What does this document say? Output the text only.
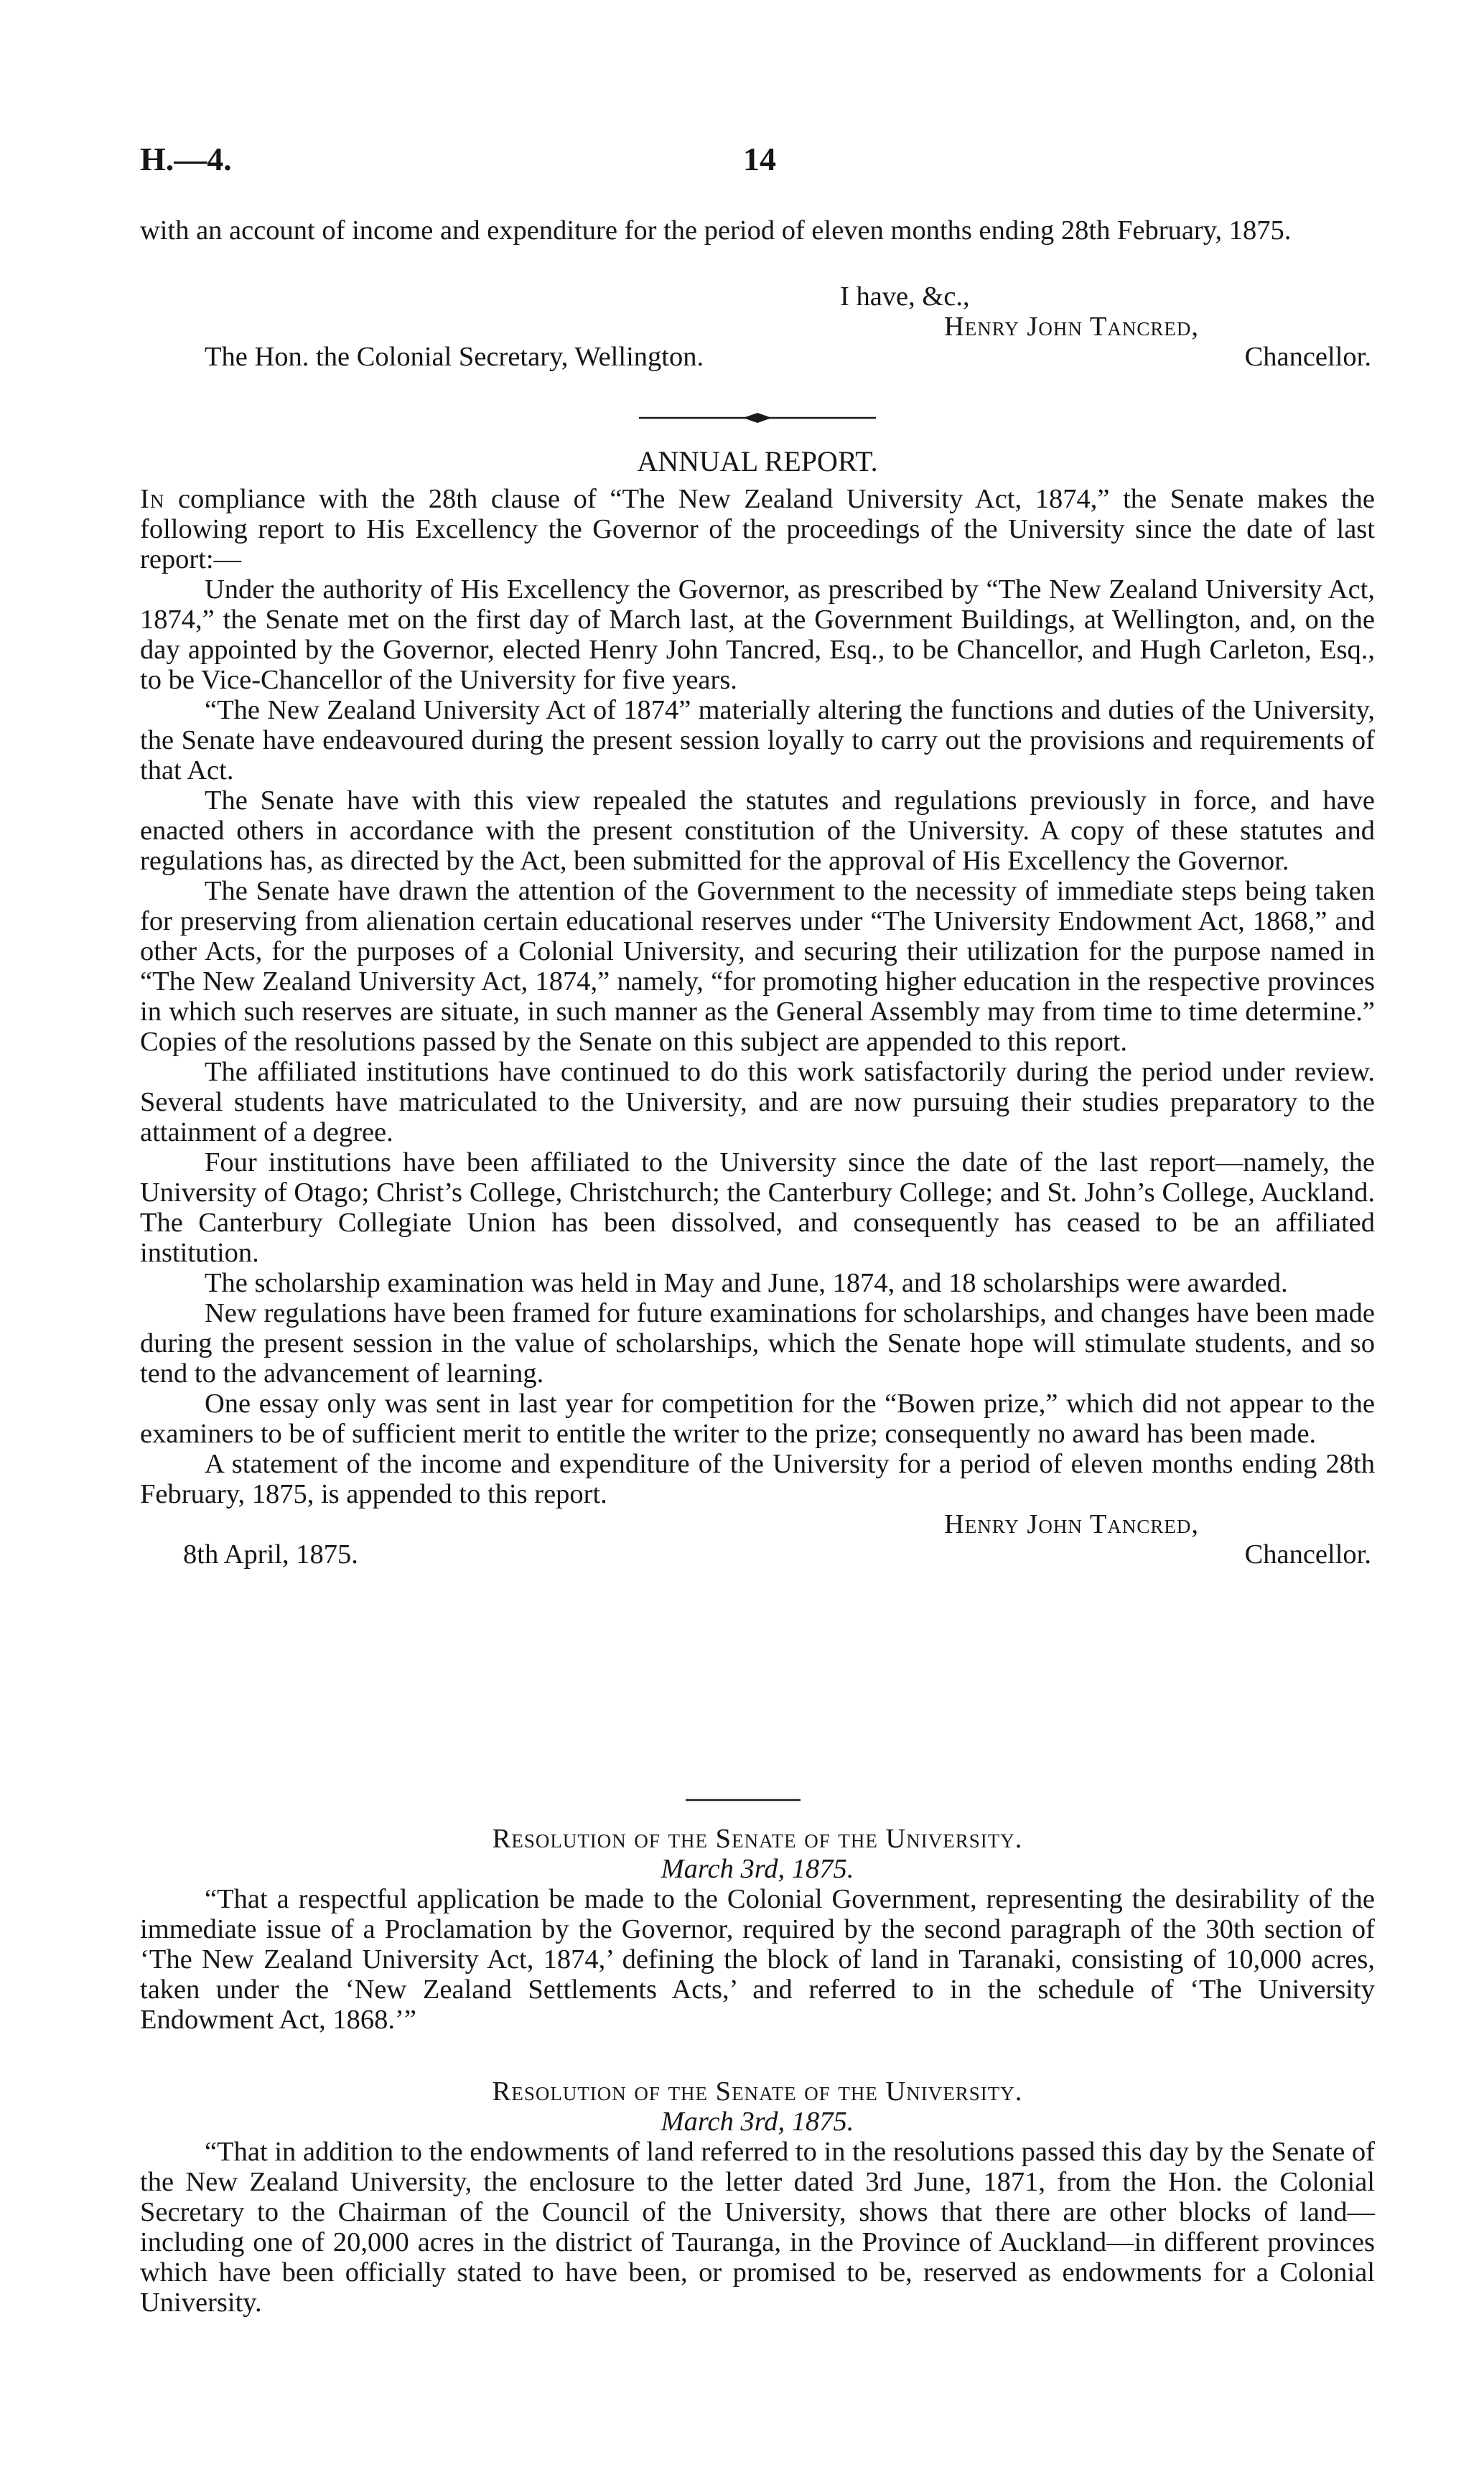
H.—4.	14

with an account of income and expenditure for the period of eleven months ending 28th February, 1875.

I have, &c.,
Henry John Tancred,
The Hon. the Colonial Secretary, Wellington.	Chancellor.
ANNUAL REPORT.

In compliance with the 28th clause of “The New Zealand University Act, 1874,” the Senate makes the following report to His Excellency the Governor of the proceedings of the University since the date of last report:—

Under the authority of His Excellency the Governor, as prescribed by “The New Zealand University Act, 1874,” the Senate met on the first day of March last, at the Government Buildings, at Wellington, and, on the day appointed by the Governor, elected Henry John Tancred, Esq., to be Chancellor, and Hugh Carleton, Esq., to be Vice-Chancellor of the University for five years.

“The New Zealand University Act of 1874” materially altering the functions and duties of the University, the Senate have endeavoured during the present session loyally to carry out the provisions and requirements of that Act.

The Senate have with this view repealed the statutes and regulations previously in force, and have enacted others in accordance with the present constitution of the University. A copy of these statutes and regulations has, as directed by the Act, been submitted for the approval of His Excellency the Governor.

The Senate have drawn the attention of the Government to the necessity of immediate steps being taken for preserving from alienation certain educational reserves under “The University Endowment Act, 1868,” and other Acts, for the purposes of a Colonial University, and securing their utilization for the purpose named in “The New Zealand University Act, 1874,” namely, “for promoting higher education in the respective provinces in which such reserves are situate, in such manner as the General Assembly may from time to time determine.” Copies of the resolutions passed by the Senate on this subject are appended to this report.

The affiliated institutions have continued to do this work satisfactorily during the period under review. Several students have matriculated to the University, and are now pursuing their studies preparatory to the attainment of a degree.

Four institutions have been affiliated to the University since the date of the last report—namely, the University of Otago; Christ’s College, Christchurch; the Canterbury College; and St. John’s College, Auckland. The Canterbury Collegiate Union has been dissolved, and consequently has ceased to be an affiliated institution.

The scholarship examination was held in May and June, 1874, and 18 scholarships were awarded.

New regulations have been framed for future examinations for scholarships, and changes have been made during the present session in the value of scholarships, which the Senate hope will stimulate students, and so tend to the advancement of learning.

One essay only was sent in last year for competition for the “Bowen prize,” which did not appear to the examiners to be of sufficient merit to entitle the writer to the prize; consequently no award has been made.

A statement of the income and expenditure of the University for a period of eleven months ending 28th February, 1875, is appended to this report.

Henry John Tancred,
8th April, 1875.	Chancellor.
Resolution of the Senate of the University.
March 3rd, 1875.

“That a respectful application be made to the Colonial Government, representing the desirability of the immediate issue of a Proclamation by the Governor, required by the second paragraph of the 30th section of ‘The New Zealand University Act, 1874,’ defining the block of land in Taranaki, consisting of 10,000 acres, taken under the ‘New Zealand Settlements Acts,’ and referred to in the schedule of ‘The University Endowment Act, 1868.’”

Resolution of the Senate of the University.
March 3rd, 1875.

“That in addition to the endowments of land referred to in the resolutions passed this day by the Senate of the New Zealand University, the enclosure to the letter dated 3rd June, 1871, from the Hon. the Colonial Secretary to the Chairman of the Council of the University, shows that there are other blocks of land—including one of 20,000 acres in the district of Tauranga, in the Province of Auckland—in different provinces which have been officially stated to have been, or promised to be, reserved as endowments for a Colonial University.
